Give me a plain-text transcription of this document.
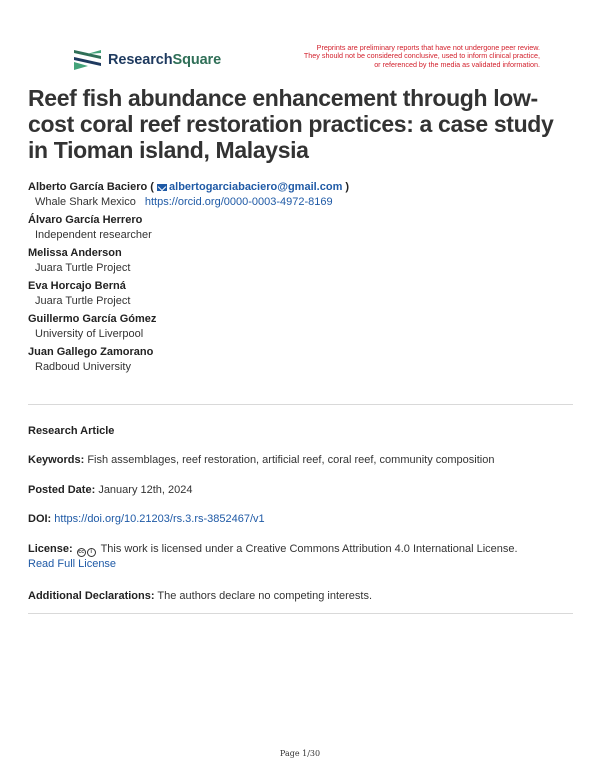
ResearchSquare
Preprints are preliminary reports that have not undergone peer review.
They should not be considered conclusive, used to inform clinical practice,
or referenced by the media as validated information.
Reef fish abundance enhancement through low-cost coral reef restoration practices: a case study in Tioman island, Malaysia
Alberto García Baciero ( albertogarciabaciero@gmail.com )
Whale Shark Mexico https://orcid.org/0000-0003-4972-8169
Álvaro García Herrero
Independent researcher
Melissa Anderson
Juara Turtle Project
Eva Horcajo Berná
Juara Turtle Project
Guillermo García Gómez
University of Liverpool
Juan Gallego Zamorano
Radboud University
Research Article
Keywords: Fish assemblages, reef restoration, artificial reef, coral reef, community composition
Posted Date: January 12th, 2024
DOI: https://doi.org/10.21203/rs.3.rs-3852467/v1
License:	cc	i This work is licensed under a Creative Commons Attribution 4.0 International License.
Read Full License
Additional Declarations: The authors declare no competing interests.
Page 1/30
